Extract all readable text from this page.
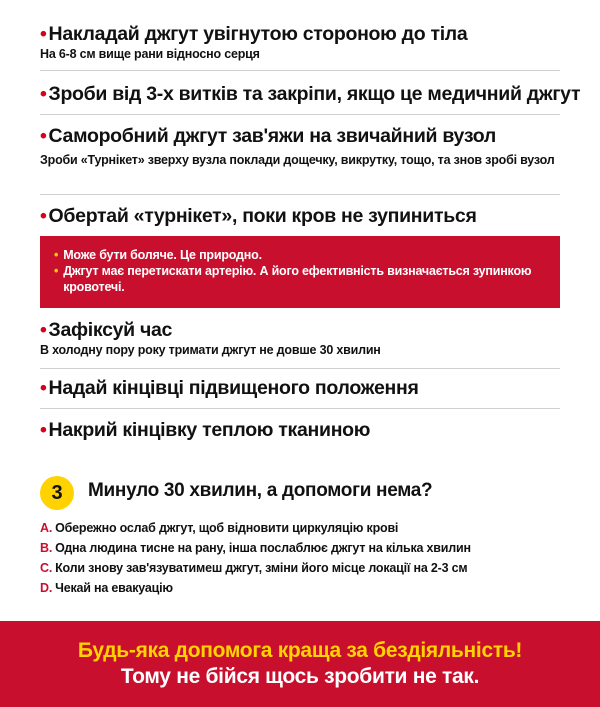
• Накладай джгут увігнутою стороною до тіла
На 6-8 см вище рани відносно серця
• Зроби від 3-х витків та закріпи, якщо це медичний джгут
• Саморобний джгут зав'яжи на звичайний вузол
Зроби «Турнікет» зверху вузла поклади дощечку, викрутку, тощо, та знов зробі вузол
• Обертай «турнікет», поки кров не зупиниться
• Зафіксуй час
В холодну пору року тримати джгут не довше 30 хвилин
• Надай кінцівці підвищеного положення
• Накрий кінцівку теплою тканиною
• Може бути боляче. Це природно.
• Джгут має перетискати артерію. А його ефективність визначається зупинкою кровотечі.
3	Минуло 30 хвилин, а допомоги нема?
A. Обережно ослаб джгут, щоб відновити циркуляцію крові
B. Одна людина тисне на рану, інша послаблює джгут на кілька хвилин
C. Коли знову зав'язуватимеш джгут, зміни його місце локації на 2-3 см
D. Чекай на евакуацію
Будь-яка допомога краща за бездіяльність!
Тому не бійся щось зробити не так.
